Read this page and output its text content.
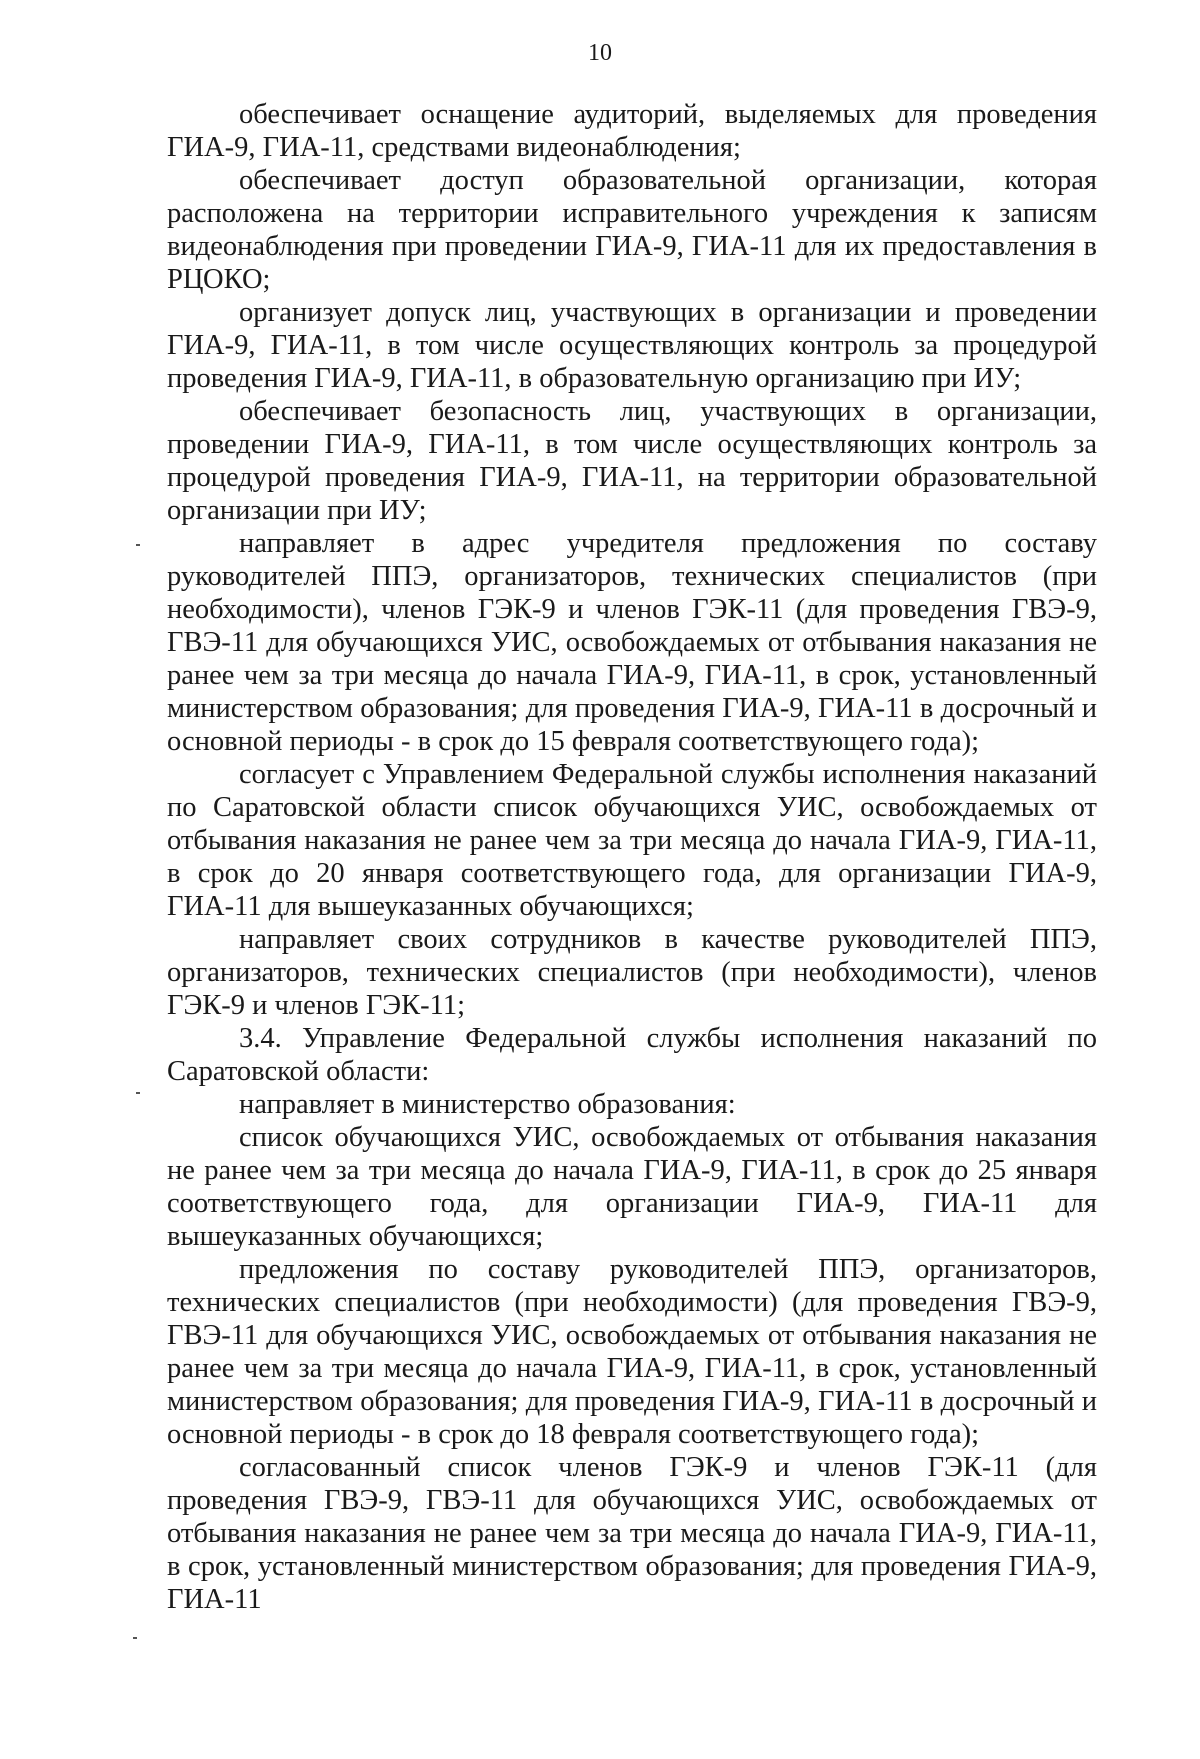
10

обеспечивает оснащение аудиторий, выделяемых для проведения ГИА-9, ГИА-11, средствами видеонаблюдения;

обеспечивает доступ образовательной организации, которая расположена на территории исправительного учреждения к записям видеонаблюдения при проведении ГИА-9, ГИА-11 для их предоставления в РЦОКО;

организует допуск лиц, участвующих в организации и проведении ГИА-9, ГИА-11, в том числе осуществляющих контроль за процедурой проведения ГИА-9, ГИА-11, в образовательную организацию при ИУ;

обеспечивает безопасность лиц, участвующих в организации, проведении ГИА-9, ГИА-11, в том числе осуществляющих контроль за процедурой проведения ГИА-9, ГИА-11, на территории образовательной организации при ИУ;

направляет в адрес учредителя предложения по составу руководителей ППЭ, организаторов, технических специалистов (при необходимости), членов ГЭК-9 и членов ГЭК-11 (для проведения ГВЭ-9, ГВЭ-11 для обучающихся УИС, освобождаемых от отбывания наказания не ранее чем за три месяца до начала ГИА-9, ГИА-11, в срок, установленный министерством образования; для проведения ГИА-9, ГИА-11 в досрочный и основной периоды - в срок до 15 февраля соответствующего года);

согласует с Управлением Федеральной службы исполнения наказаний по Саратовской области список обучающихся УИС, освобождаемых от отбывания наказания не ранее чем за три месяца до начала ГИА-9, ГИА-11, в срок до 20 января соответствующего года, для организации ГИА-9, ГИА-11 для вышеуказанных обучающихся;

направляет своих сотрудников в качестве руководителей ППЭ, организаторов, технических специалистов (при необходимости), членов ГЭК-9 и членов ГЭК-11;

3.4. Управление Федеральной службы исполнения наказаний по Саратовской области:

направляет в министерство образования:

список обучающихся УИС, освобождаемых от отбывания наказания не ранее чем за три месяца до начала ГИА-9, ГИА-11, в срок до 25 января соответствующего года, для организации ГИА-9, ГИА-11 для вышеуказанных обучающихся;

предложения по составу руководителей ППЭ, организаторов, технических специалистов (при необходимости) (для проведения ГВЭ-9, ГВЭ-11 для обучающихся УИС, освобождаемых от отбывания наказания не ранее чем за три месяца до начала ГИА-9, ГИА-11, в срок, установленный министерством образования; для проведения ГИА-9, ГИА-11 в досрочный и основной периоды - в срок до 18 февраля соответствующего года);

согласованный список членов ГЭК-9 и членов ГЭК-11 (для проведения ГВЭ-9, ГВЭ-11 для обучающихся УИС, освобождаемых от отбывания наказания не ранее чем за три месяца до начала ГИА-9, ГИА-11, в срок, установленный министерством образования; для проведения ГИА-9, ГИА-11
